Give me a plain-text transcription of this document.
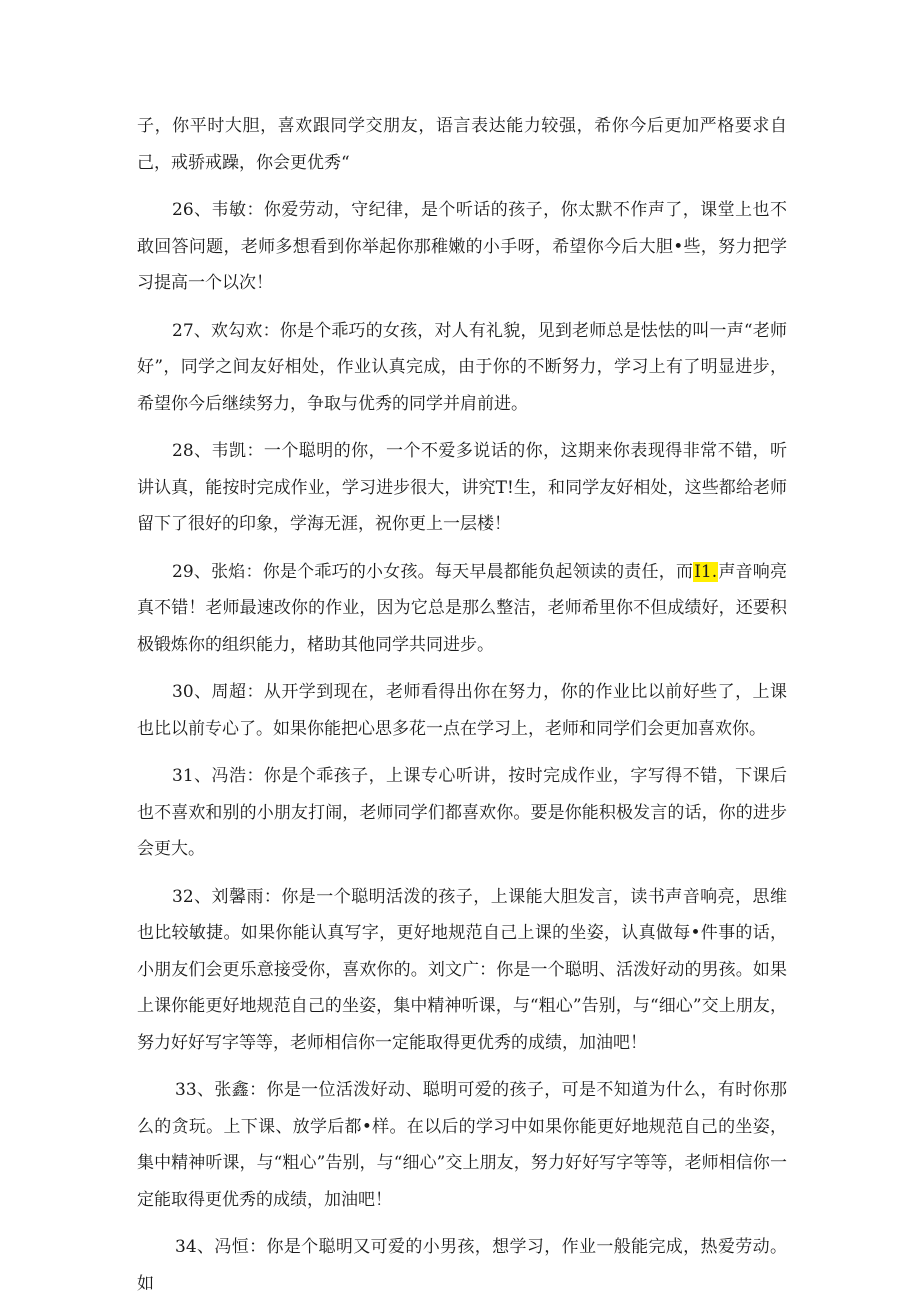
子，你平时大胆，喜欢跟同学交朋友，语言表达能力较强，希你今后更加严格要求自己，戒骄戒躁，你会更优秀“

26、韦敏：你爱劳动，守纪律，是个听话的孩子，你太默不作声了，课堂上也不敢回答问题，老师多想看到你举起你那稚嫩的小手呀，希望你今后大胆•些，努力把学习提高一个以次！

27、欢勾欢：你是个乖巧的女孩，对人有礼貌，见到老师总是怯怯的叫一声“老师好”，同学之间友好相处，作业认真完成，由于你的不断努力，学习上有了明显进步，希望你今后继续努力，争取与优秀的同学并肩前进。

28、韦凯：一个聪明的你，一个不爱多说话的你，这期来你表现得非常不错，听讲认真，能按时完成作业，学习进步很大，讲究T!生，和同学友好相处，这些都给老师留下了很好的印象，学海无涯，祝你更上一层楼！

29、张焰：你是个乖巧的小女孩。每天早晨都能负起领读的责任，而I1.声音响亮真不错！老师最速改你的作业，因为它总是那么整洁，老师希里你不但成绩好，还要积极锻炼你的组织能力，楮助其他同学共同进步。

30、周超：从开学到现在，老师看得出你在努力，你的作业比以前好些了，上课也比以前专心了。如果你能把心思多花一点在学习上，老师和同学们会更加喜欢你。

31、冯浩：你是个乖孩子，上课专心听讲，按时完成作业，字写得不错，下课后也不喜欢和别的小朋友打闹，老师同学们都喜欢你。要是你能积极发言的话，你的进步会更大。

32、刘馨雨：你是一个聪明活泼的孩子，上课能大胆发言，读书声音响亮，思维也比较敏捷。如果你能认真写字，更好地规范自己上课的坐姿，认真做每•件事的话，小朋友们会更乐意接受你，喜欢你的。刘文广：你是一个聪明、活泼好动的男孩。如果上课你能更好地规范自己的坐姿，集中精神听课，与“粗心”告别，与“细心”交上朋友，努力好好写字等等，老师相信你一定能取得更优秀的成绩，加油吧！

33、张鑫：你是一位活泼好动、聪明可爱的孩子，可是不知道为什么，有时你那么的贪玩。上下课、放学后都•样。在以后的学习中如果你能更好地规范自己的坐姿，集中精神听课，与“粗心”告别，与“细心”交上朋友，努力好好写字等等，老师相信你一定能取得更优秀的成绩，加油吧！

34、冯恒：你是个聪明又可爱的小男孩，想学习，作业一般能完成，热爱劳动。如
